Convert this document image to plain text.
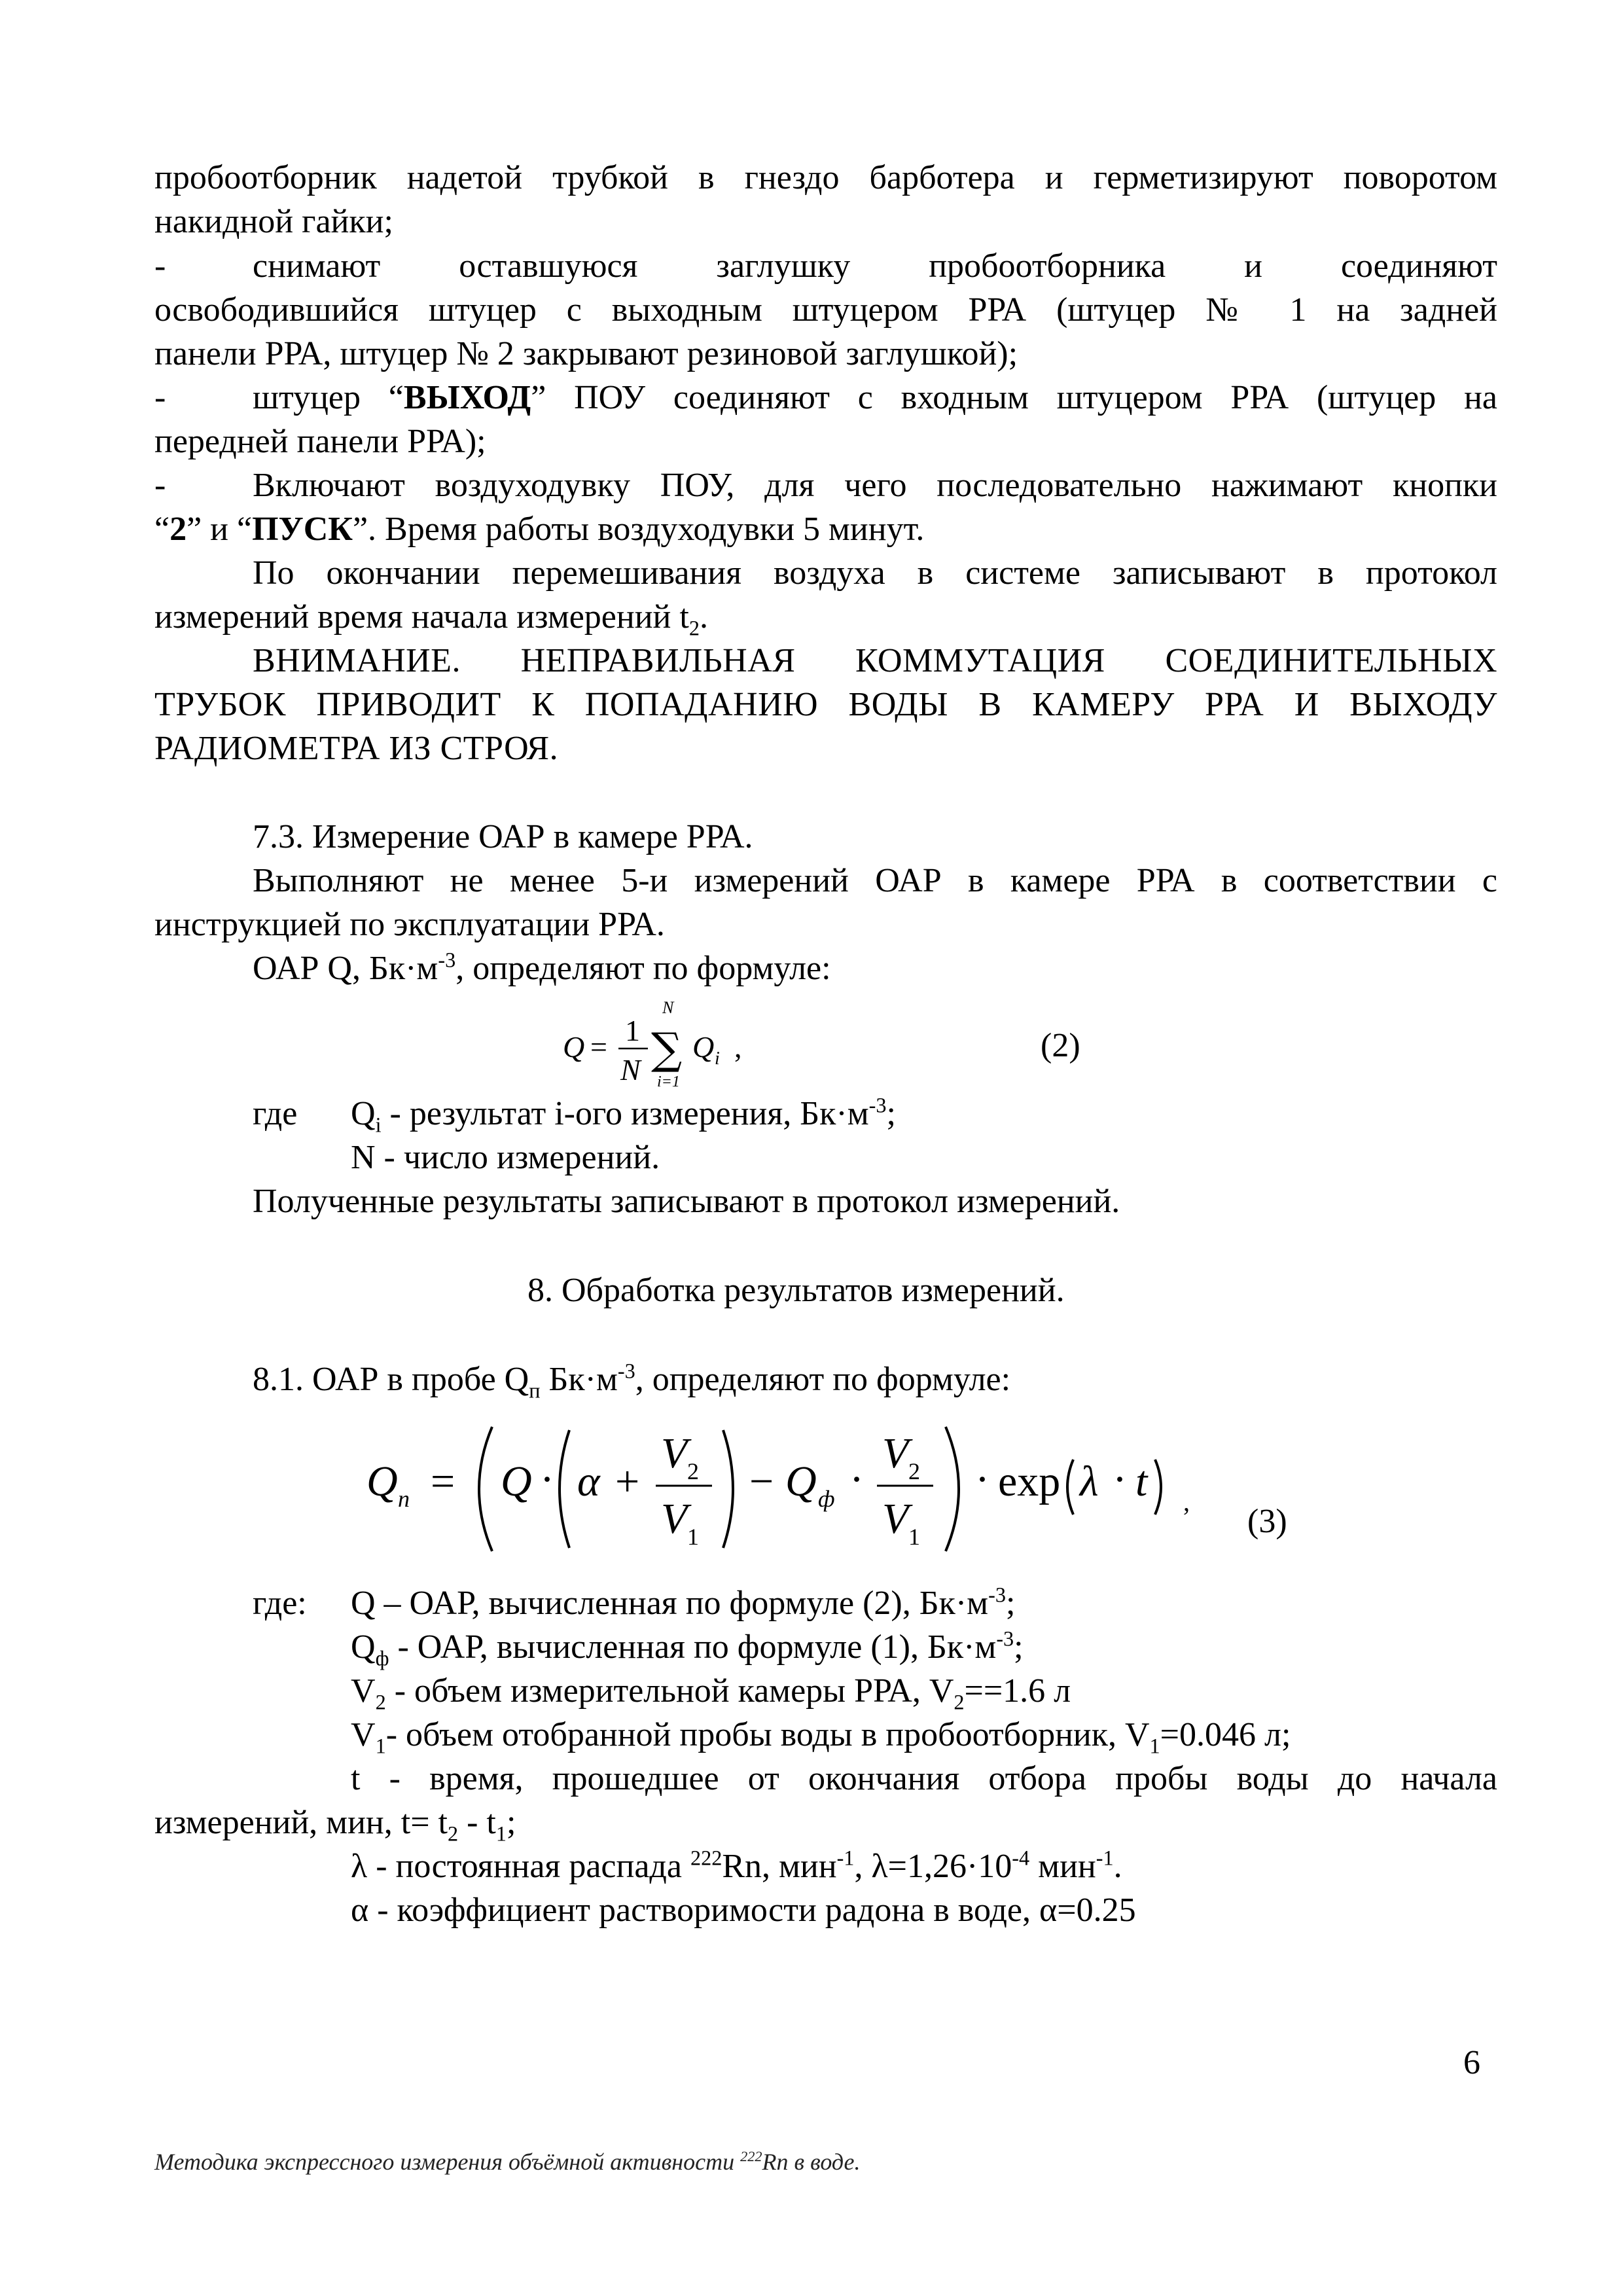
пробоотборник надетой трубкой в гнездо барботера и герметизируют поворотом
накидной гайки;
-	снимают оставшуюся заглушку пробоотборника и соединяют
освободившийся штуцер с выходным штуцером РРА (штуцер № 1 на задней
панели РРА, штуцер № 2 закрывают резиновой заглушкой);
-	штуцер “ВЫХОД” ПОУ соединяют с входным штуцером РРА (штуцер на
передней панели РРА);
-	Включают воздуходувку ПОУ, для чего последовательно нажимают кнопки
“2” и “ПУСК”. Время работы воздуходувки 5 минут.
По окончании перемешивания воздуха в системе записывают в протокол
измерений время начала измерений $t_2$.
ВНИМАНИЕ. НЕПРАВИЛЬНАЯ КОММУТАЦИЯ СОЕДИНИТЕЛЬНЫХ
ТРУБОК ПРИВОДИТ К ПОПАДАНИЮ ВОДЫ В КАМЕРУ РРА И ВЫХОДУ
РАДИОМЕТРА ИЗ СТРОЯ.
7.3. Измерение ОАР в камере РРА.
Выполняют не менее 5-и измерений ОАР в камере РРА в соответствии с
инструкцией по эксплуатации РРА.
ОАР Q, $Бк\cdot м^{-3}$, определяют по формуле:
Q = 1
N
N
∑
i=1
Q i ,	(2)
где $Q_i$ - результат i-ого измерения, $Бк\cdot м^{-3}$;
N - число измерений.
Полученные результаты записывают в протокол измерений.
8. Обработка результатов измерений.
8.1. ОАР в пробе $Q_п$ $Бк\cdot м^{-3}$, определяют по формуле:
Q n = Q · α +
V 2
V 1
− Q ф ·
V 2
V 1
· exp λ · t ,
(3)
где: Q – ОАР, вычисленная по формуле (2), $Бк\cdot м^{-3}$;
$Q_ф$ - ОАР, вычисленная по формуле (1), $Бк\cdot м^{-3}$;
$V_2$ - объем измерительной камеры РРА, $V_2==1.6$ л
$V_1-$ объем отобранной пробы воды в пробоотборник, $V_1=0.046$ л;
t - время, прошедшее от окончания отбора пробы воды до начала
измерений, мин, $t= t_2 - t_1$;
λ - постоянная распада $^{222}$Rn, мин$^{-1}$, $\lambda=1,26\cdot 10^{-4}$ мин$^{-1}$.
α - коэффициент растворимости радона в воде, α=0.25
6
Методика экспрессного измерения объёмной активности $^{222}$Rn в воде.
